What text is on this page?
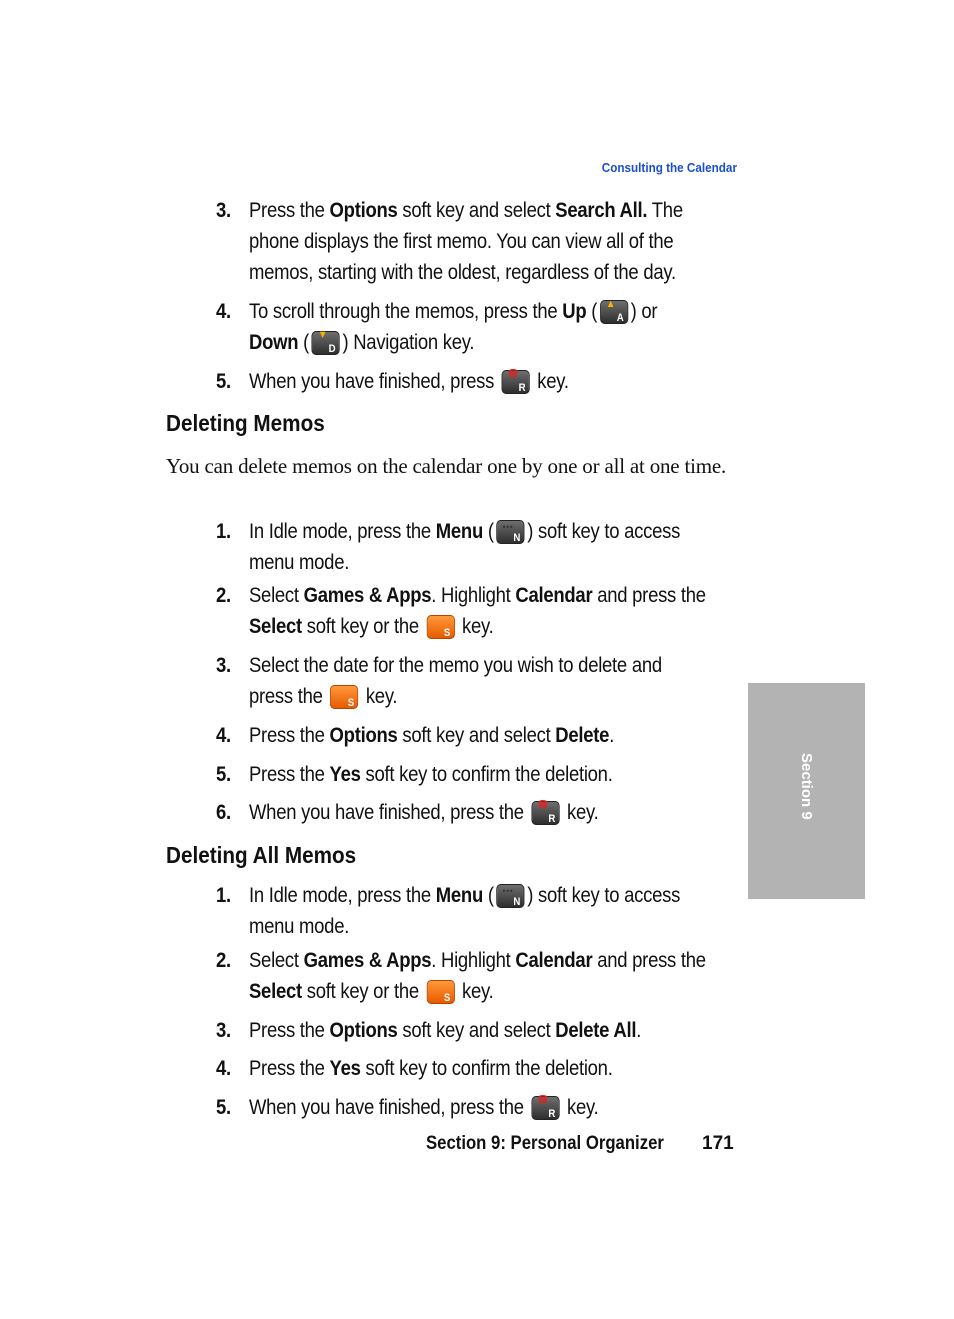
Consulting the Calendar
3. Press the Options soft key and select Search All. The
phone displays the first memo. You can view all of the
memos, starting with the oldest, regardless of the day.
4. To scroll through the memos, press the Up ( A
▲ ) or
Down ( D
▼ ) Navigation key.
5. When you have finished, press R
☎ key.
Deleting Memos
You can delete memos on the calendar one by one or all at one time.
1. In Idle mode, press the Menu ( •••
N ) soft key to access
menu mode.
2. Select Games & Apps. Highlight Calendar and press the
Select soft key or the S key.
3. Select the date for the memo you wish to delete and
press the S key.
4. Press the Options soft key and select Delete.
5. Press the Yes soft key to confirm the deletion.
6. When you have finished, press the R
☎ key.
Deleting All Memos
1. In Idle mode, press the Menu ( •••
N ) soft key to access
menu mode.
2. Select Games & Apps. Highlight Calendar and press the
Select soft key or the S key.
3. Press the Options soft key and select Delete All.
4. Press the Yes soft key to confirm the deletion.
5. When you have finished, press the R
☎ key.
Section 9
Section 9: Personal Organizer 171
